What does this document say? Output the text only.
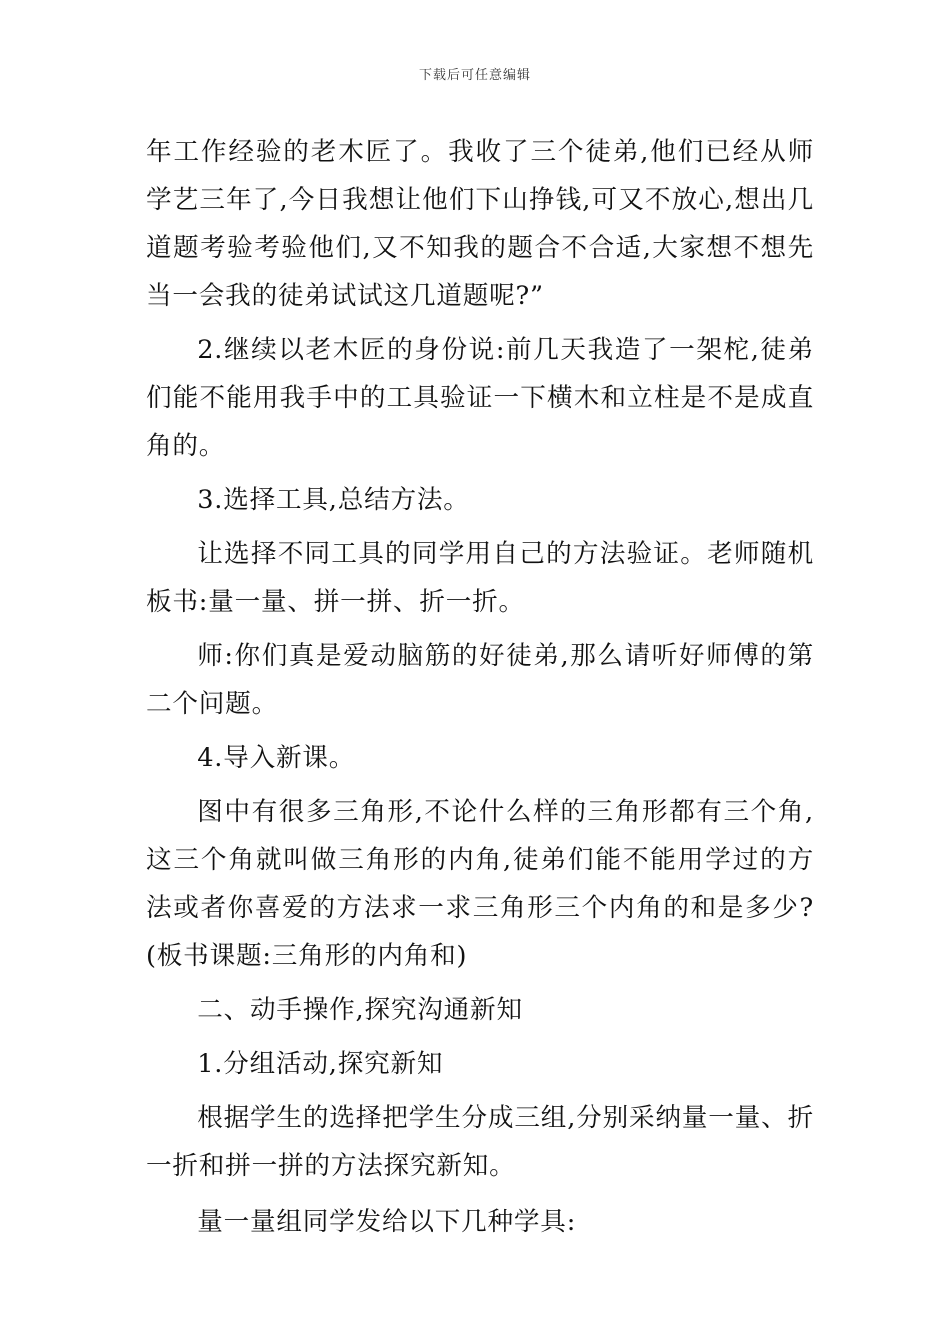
下载后可任意编辑

年工作经验的老木匠了。我收了三个徒弟,他们已经从师学艺三年了,今日我想让他们下山挣钱,可又不放心,想出几道题考验考验他们,又不知我的题合不合适,大家想不想先当一会我的徒弟试试这几道题呢?”

2.继续以老木匠的身份说:前几天我造了一架柁,徒弟们能不能用我手中的工具验证一下横木和立柱是不是成直角的。

3.选择工具,总结方法。

让选择不同工具的同学用自己的方法验证。老师随机板书:量一量、拼一拼、折一折。

师:你们真是爱动脑筋的好徒弟,那么请听好师傅的第二个问题。

4.导入新课。

图中有很多三角形,不论什么样的三角形都有三个角,这三个角就叫做三角形的内角,徒弟们能不能用学过的方法或者你喜爱的方法求一求三角形三个内角的和是多少?(板书课题:三角形的内角和)

二、动手操作,探究沟通新知

1.分组活动,探究新知

根据学生的选择把学生分成三组,分别采纳量一量、折一折和拼一拼的方法探究新知。

量一量组同学发给以下几种学具:
